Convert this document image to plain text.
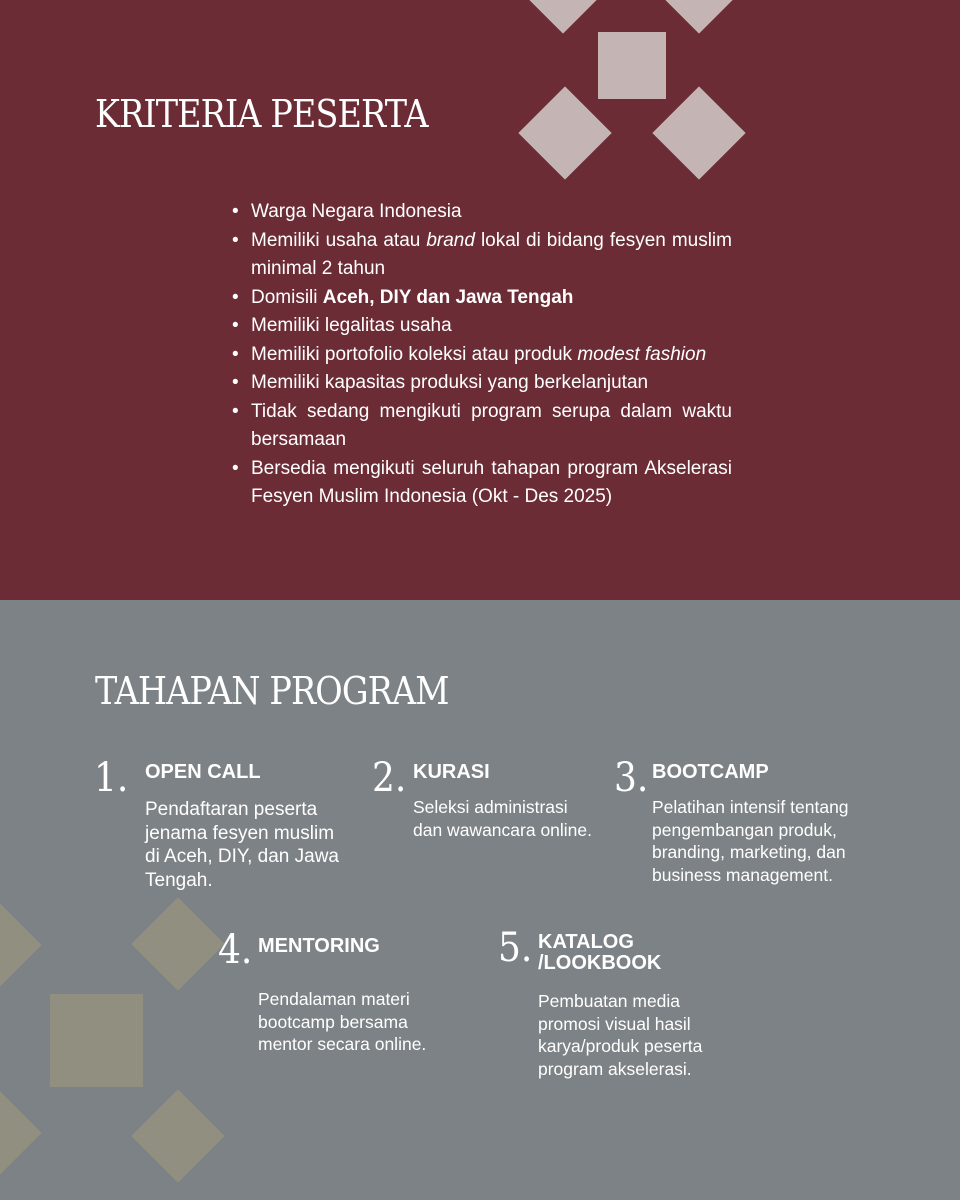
KRITERIA PESERTA
• Warga Negara Indonesia
• Memiliki usaha atau brand lokal di bidang fesyen muslim minimal 2 tahun
• Domisili Aceh, DIY dan Jawa Tengah
• Memiliki legalitas usaha
• Memiliki portofolio koleksi atau produk modest fashion
• Memiliki kapasitas produksi yang berkelanjutan
• Tidak sedang mengikuti program serupa dalam waktu bersamaan
• Bersedia mengikuti seluruh tahapan program Akselerasi Fesyen Muslim Indonesia (Okt - Des 2025)
TAHAPAN PROGRAM
1. OPEN CALL
Pendaftaran peserta jenama fesyen muslim di Aceh, DIY, dan Jawa Tengah.
2. KURASI
Seleksi administrasi dan wawancara online.
3. BOOTCAMP
Pelatihan intensif tentang pengembangan produk, branding, marketing, dan business management.
4. MENTORING
Pendalaman materi bootcamp bersama mentor secara online.
5. KATALOG /LOOKBOOK
Pembuatan media promosi visual hasil karya/produk peserta program akselerasi.
